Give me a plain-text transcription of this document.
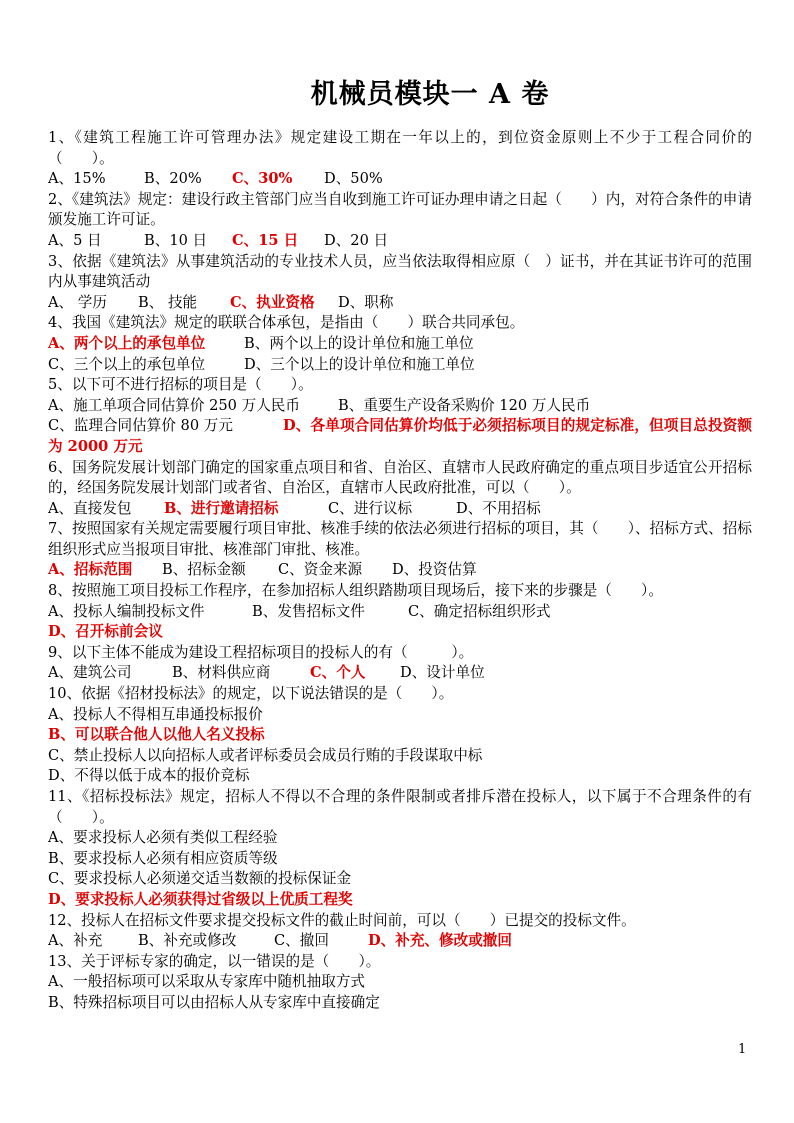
机械员模块一 A 卷
1、《建筑工程施工许可管理办法》规定建设工期在一年以上的，到位资金原则上不少于工程合同价的（　　）。
A、15%	B、20% C、30% D、50%
2、《建筑法》规定：建设行政主管部门应当自收到施工许可证办理申请之日起（　　）内，对符合条件的申请颁发施工许可证。
A、5 日	B、10 日 C、15 日 D、20 日
3、依据《建筑法》从事建筑活动的专业技术人员，应当依法取得相应原（　）证书，并在其证书许可的范围内从事建筑活动
A、 学历 B、 技能 C、执业资格 D、职称
4、我国《建筑法》规定的联联合体承包，是指由（　　）联合共同承包。
A、两个以上的承包单位	B、两个以上的设计单位和施工单位
C、三个以上的承包单位	D、三个以上的设计单位和施工单位
5、以下可不进行招标的项目是（　　）。
A、施工单项合同估算价 250 万人民币	B、重要生产设备采购价 120 万人民币
C、监理合同估算价 80 万元	D、各单项合同估算价均低于必须招标项目的规定标准，但项目总投资额为 2000 万元
6、国务院发展计划部门确定的国家重点项目和省、自治区、直辖市人民政府确定的重点项目步适宜公开招标的，经国务院发展计划部门或者省、自治区，直辖市人民政府批准，可以（　　）。
A、直接发包 B、进行邀请招标	C、进行议标	D、不用招标
7、按照国家有关规定需要履行项目审批、核准手续的依法必须进行招标的项目，其（　　）、招标方式、招标组织形式应当报项目审批、核准部门审批、核准。
A、招标范围 B、招标金额 C、资金来源 D、投资估算
8、按照施工项目投标工作程序，在参加招标人组织踏勘项目现场后，接下来的步骤是（　　）。
A、投标人编制投标文件	B、发售招标文件	C、确定招标组织形式
D、召开标前会议
9、以下主体不能成为建设工程招标项目的投标人的有（　　　）。
A、建筑公司	B、材料供应商	C、个人 D、设计单位
10、依据《招材投标法》的规定，以下说法错误的是（　　）。
A、投标人不得相互串通投标报价
B、可以联合他人以他人名义投标
C、禁止投标人以向招标人或者评标委员会成员行贿的手段谋取中标
D、不得以低于成本的报价竞标
11、《招标投标法》规定，招标人不得以不合理的条件限制或者排斥潜在投标人，以下属于不合理条件的有（　　）。
A、要求投标人必须有类似工程经验
B、要求投标人必须有相应资质等级
C、要求投标人必须递交适当数额的投标保证金
D、要求投标人必须获得过省级以上优质工程奖
12、投标人在招标文件要求提交投标文件的截止时间前，可以（　　）已提交的投标文件。
A、补充 B、补充或修改	C、撤回	D、补充、修改或撤回
13、关于评标专家的确定，以一错误的是（　　）。
A、一般招标项可以采取从专家库中随机抽取方式
B、特殊招标项目可以由招标人从专家库中直接确定
1
